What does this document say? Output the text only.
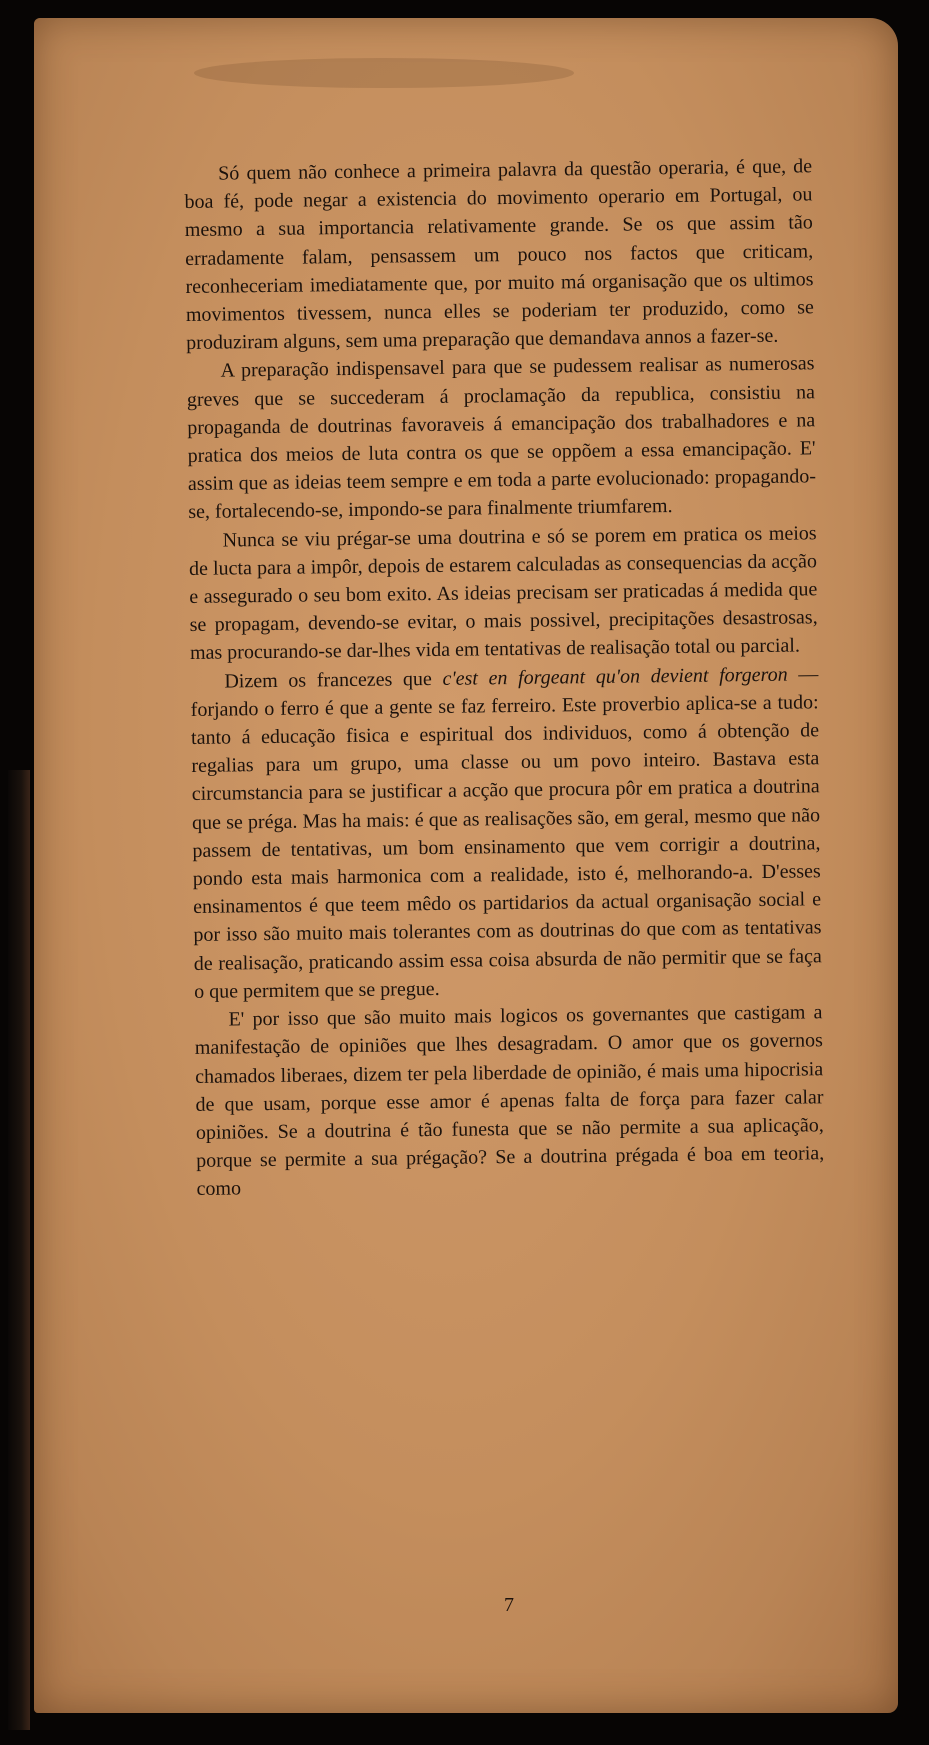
Só quem não conhece a primeira palavra da questão operaria, é que, de boa fé, pode negar a existencia do movimento operario em Portugal, ou mesmo a sua importancia relativamente grande. Se os que assim tão erradamente falam, pensassem um pouco nos factos que criticam, reconheceriam imediatamente que, por muito má organisação que os ultimos movimentos tivessem, nunca elles se poderiam ter produzido, como se produziram alguns, sem uma preparação que demandava annos a fazer-se.

A preparação indispensavel para que se pudessem realisar as numerosas greves que se succederam á proclamação da republica, consistiu na propaganda de doutrinas favoraveis á emancipação dos trabalhadores e na pratica dos meios de luta contra os que se oppõem a essa emancipação. E' assim que as ideias teem sempre e em toda a parte evolucionado: propagando-se, fortalecendo-se, impondo-se para finalmente triumfarem.

Nunca se viu prégar-se uma doutrina e só se porem em pratica os meios de lucta para a impôr, depois de estarem calculadas as consequencias da acção e assegurado o seu bom exito. As ideias precisam ser praticadas á medida que se propagam, devendo-se evitar, o mais possivel, precipitações desastrosas, mas procurando-se dar-lhes vida em tentativas de realisação total ou parcial.

Dizem os francezes que c'est en forgeant qu'on devient forgeron — forjando o ferro é que a gente se faz ferreiro. Este proverbio aplica-se a tudo: tanto á educação fisica e espiritual dos individuos, como á obtenção de regalias para um grupo, uma classe ou um povo inteiro. Bastava esta circumstancia para se justificar a acção que procura pôr em pratica a doutrina que se préga. Mas ha mais: é que as realisações são, em geral, mesmo que não passem de tentativas, um bom ensinamento que vem corrigir a doutrina, pondo esta mais harmonica com a realidade, isto é, melhorando-a. D'esses ensinamentos é que teem mêdo os partidarios da actual organisação social e por isso são muito mais tolerantes com as doutrinas do que com as tentativas de realisação, praticando assim essa coisa absurda de não permitir que se faça o que permitem que se pregue.

E' por isso que são muito mais logicos os governantes que castigam a manifestação de opiniões que lhes desagradam. O amor que os governos chamados liberaes, dizem ter pela liberdade de opinião, é mais uma hipocrisia de que usam, porque esse amor é apenas falta de força para fazer calar opiniões. Se a doutrina é tão funesta que se não permite a sua aplicação, porque se permite a sua prégação? Se a doutrina prégada é boa em teoria, como

7
